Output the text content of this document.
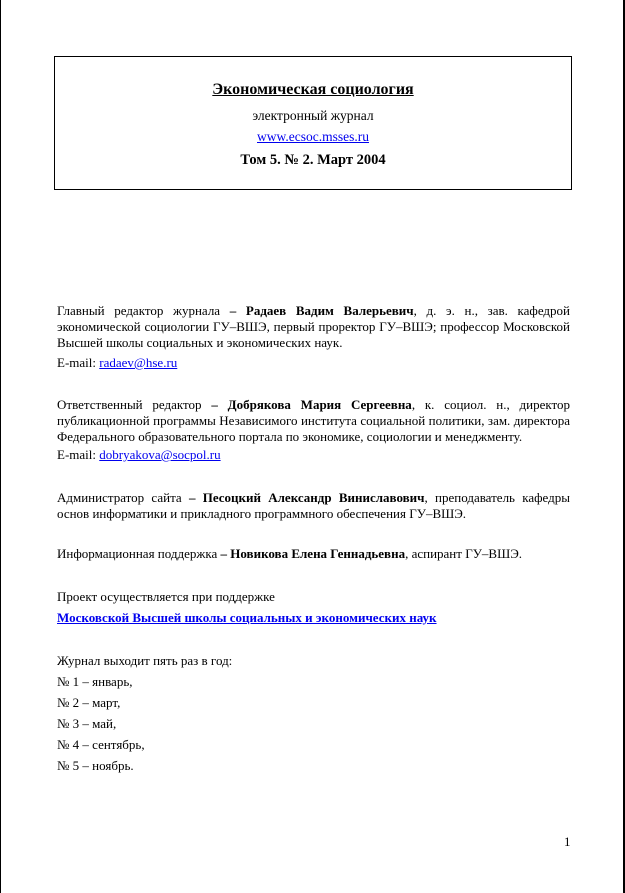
Экономическая социология
электронный журнал
www.ecsoc.msses.ru
Том 5. № 2. Март 2004
Главный редактор журнала – Радаев Вадим Валерьевич, д. э. н., зав. кафедрой экономической социологии ГУ–ВШЭ, первый проректор ГУ–ВШЭ; профессор Московской Высшей школы социальных и экономических наук.
E-mail: radaev@hse.ru
Ответственный редактор – Добрякова Мария Сергеевна, к. социол. н., директор публикационной программы Независимого института социальной политики, зам. директора Федерального образовательного портала по экономике, социологии и менеджменту.
E-mail: dobryakova@socpol.ru
Администратор сайта – Песоцкий Александр Виниславович, преподаватель кафедры основ информатики и прикладного программного обеспечения ГУ–ВШЭ.
Информационная поддержка – Новикова Елена Геннадьевна, аспирант ГУ–ВШЭ.
Проект осуществляется при поддержке
Московской Высшей школы социальных и экономических наук
Журнал выходит пять раз в год:
№ 1 – январь,
№ 2 – март,
№ 3 – май,
№ 4 – сентябрь,
№ 5 – ноябрь.
1
